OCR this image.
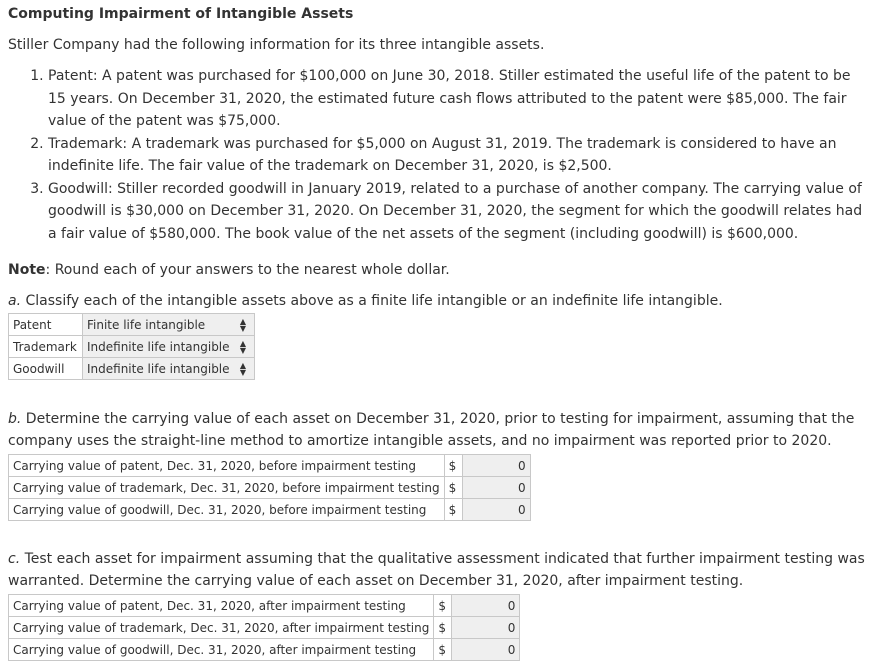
Computing Impairment of Intangible Assets
Stiller Company had the following information for its three intangible assets.
1. Patent: A patent was purchased for $100,000 on June 30, 2018. Stiller estimated the useful life of the patent to be 15 years. On December 31, 2020, the estimated future cash flows attributed to the patent were $85,000. The fair value of the patent was $75,000.
2. Trademark: A trademark was purchased for $5,000 on August 31, 2019. The trademark is considered to have an indefinite life. The fair value of the trademark on December 31, 2020, is $2,500.
3. Goodwill: Stiller recorded goodwill in January 2019, related to a purchase of another company. The carrying value of goodwill is $30,000 on December 31, 2020. On December 31, 2020, the segment for which the goodwill relates had a fair value of $580,000. The book value of the net assets of the segment (including goodwill) is $600,000.
Note: Round each of your answers to the nearest whole dollar.
a. Classify each of the intangible assets above as a finite life intangible or an indefinite life intangible.
Patent	Finite life intangible ▲
▼

Trademark	Indefinite life intangible ▲
▼

Goodwill	Indefinite life intangible ▲
▼
b. Determine the carrying value of each asset on December 31, 2020, prior to testing for impairment, assuming that the company uses the straight-line method to amortize intangible assets, and no impairment was reported prior to 2020.
Carrying value of patent, Dec. 31, 2020, before impairment testing	$	0
Carrying value of trademark, Dec. 31, 2020, before impairment testing	$	0
Carrying value of goodwill, Dec. 31, 2020, before impairment testing	$	0
c. Test each asset for impairment assuming that the qualitative assessment indicated that further impairment testing was warranted. Determine the carrying value of each asset on December 31, 2020, after impairment testing.
Carrying value of patent, Dec. 31, 2020, after impairment testing	$	0
Carrying value of trademark, Dec. 31, 2020, after impairment testing	$	0
Carrying value of goodwill, Dec. 31, 2020, after impairment testing	$	0
